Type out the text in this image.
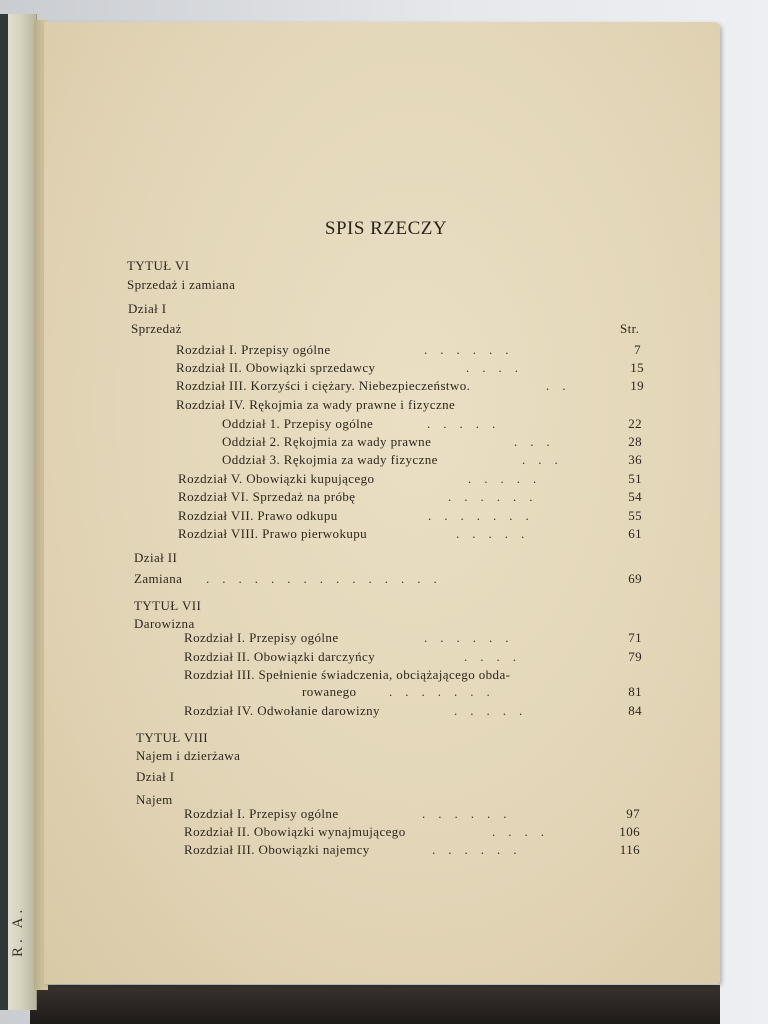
SPIS RZECZY
TYTUŁ VI
Sprzedaż i zamiana
Dział I
Sprzedaż	Str.
Rozdział I. Przepisy ogólne	......	7
Rozdział II. Obowiązki sprzedawcy	....	15
Rozdział III. Korzyści i ciężary. Niebezpieczeństwo.	..	19
Rozdział IV. Rękojmia za wady prawne i fizyczne
Oddział 1. Przepisy ogólne	.....	22
Oddział 2. Rękojmia za wady prawne	...	28
Oddział 3. Rękojmia za wady fizyczne	...	36
Rozdział V. Obowiązki kupującego	.....	51
Rozdział VI. Sprzedaż na próbę	......	54
Rozdział VII. Prawo odkupu	.......	55
Rozdział VIII. Prawo pierwokupu	.....	61
Dział II
Zamiana ...............	69
TYTUŁ VII
Darowizna
Rozdział I. Przepisy ogólne	......	71
Rozdział II. Obowiązki darczyńcy	....	79
Rozdział III. Spełnienie świadczenia, obciążającego obda-
rowanego	.......	81
Rozdział IV. Odwołanie darowizny	.....	84
TYTUŁ VIII
Najem i dzierżawa
Dział I
Najem
Rozdział I. Przepisy ogólne	......	97
Rozdział II. Obowiązki wynajmującego	....	106
Rozdział III. Obowiązki najemcy	......	116
